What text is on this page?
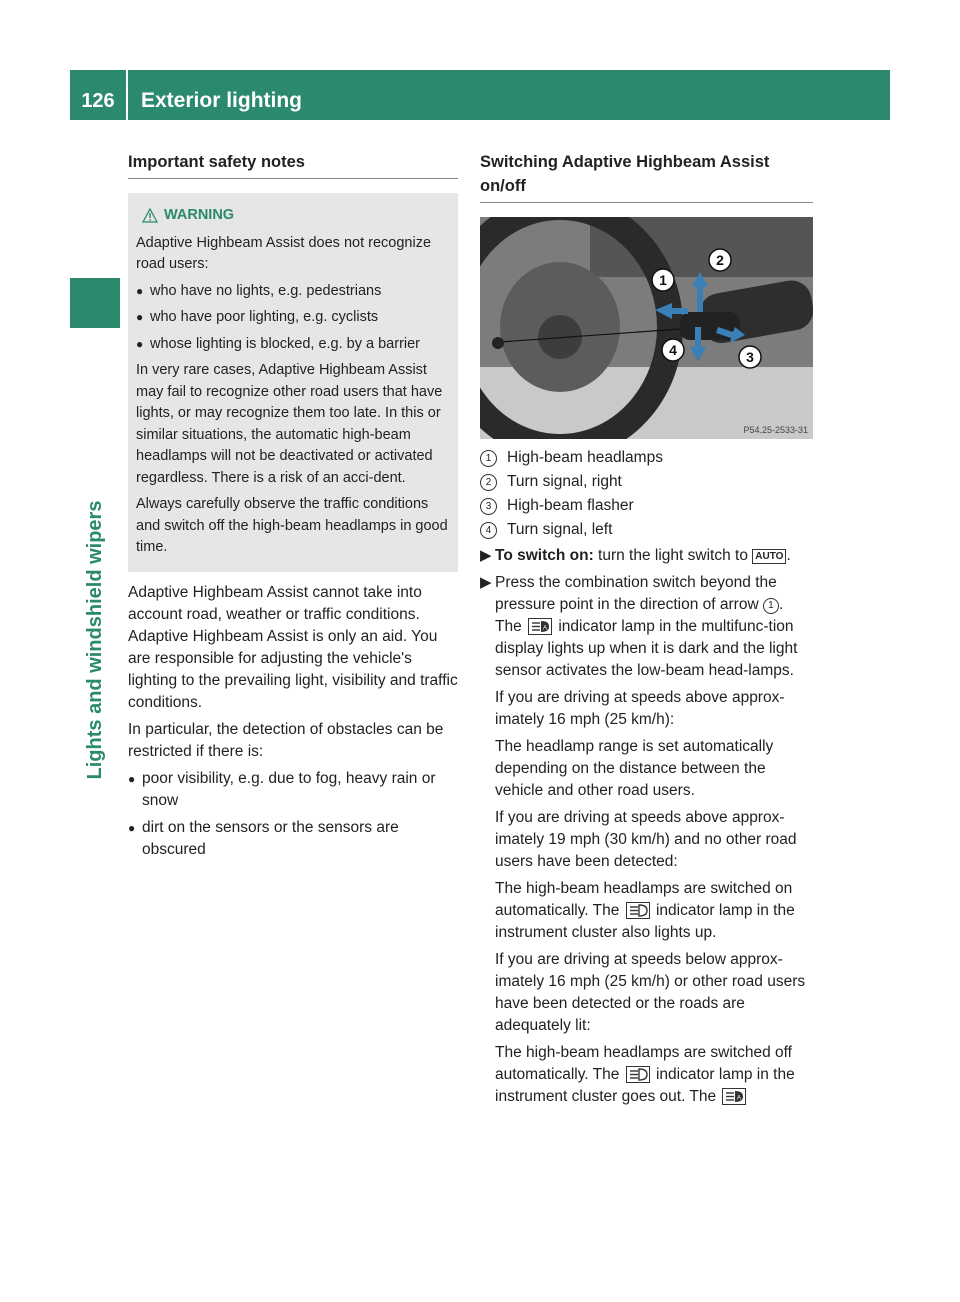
126	Exterior lighting
Lights and windshield wipers
Important safety notes
WARNING

Adaptive Highbeam Assist does not recognize road users:

● who have no lights, e.g. pedestrians
● who have poor lighting, e.g. cyclists
● whose lighting is blocked, e.g. by a barrier

In very rare cases, Adaptive Highbeam Assist may fail to recognize other road users that have lights, or may recognize them too late. In this or similar situations, the automatic high-beam headlamps will not be deactivated or activated regardless. There is a risk of an acci-dent.

Always carefully observe the traffic conditions and switch off the high-beam headlamps in good time.

Adaptive Highbeam Assist cannot take into account road, weather or traffic conditions. Adaptive Highbeam Assist is only an aid. You are responsible for adjusting the vehicle's lighting to the prevailing light, visibility and traffic conditions.

In particular, the detection of obstacles can be restricted if there is:

● poor visibility, e.g. due to fog, heavy rain or snow
● dirt on the sensors or the sensors are obscured
Switching Adaptive Highbeam Assist on/off
1
2
3
4
P54.25-2533-31
1	High-beam headlamps
2	Turn signal, right
3	High-beam flasher
4	Turn signal, left
▶ To switch on: turn the light switch to AUTO .
▶ Press the combination switch beyond the pressure point in the direction of arrow 1 . The	A indicator lamp in the multifunc-tion display lights up when it is dark and the light sensor activates the low-beam head-lamps.

If you are driving at speeds above approx-imately 16 mph (25 km/h):

The headlamp range is set automatically depending on the distance between the vehicle and other road users.

If you are driving at speeds above approx-imately 19 mph (30 km/h) and no other road users have been detected:

The high-beam headlamps are switched on automatically. The indicator lamp in the instrument cluster also lights up.

If you are driving at speeds below approx-imately 16 mph (25 km/h) or other road users have been detected or the roads are adequately lit:

The high-beam headlamps are switched off automatically. The indicator lamp in the instrument cluster goes out. The	A
